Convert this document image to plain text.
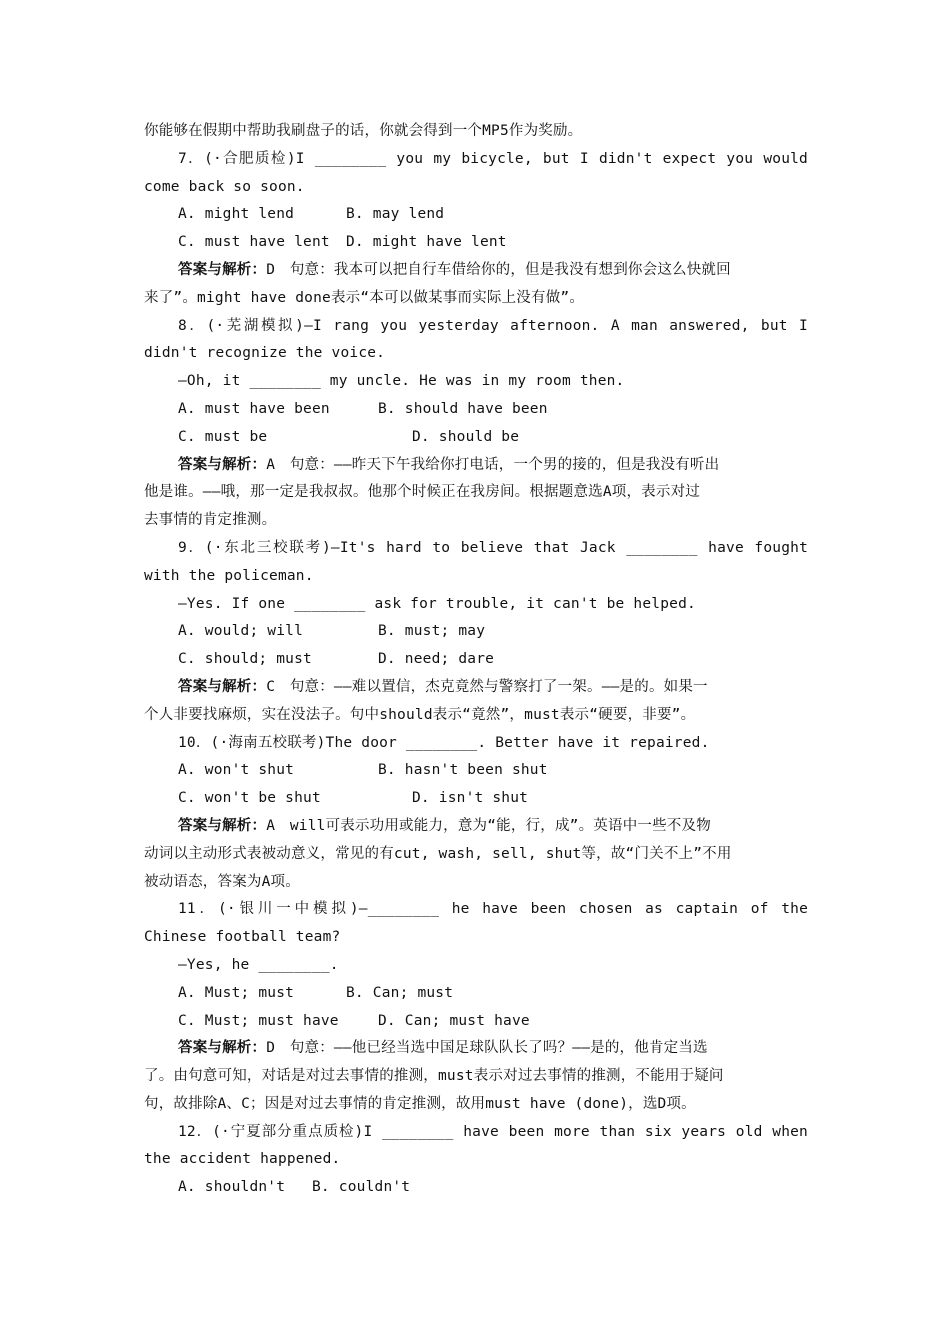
你能够在假期中帮助我刷盘子的话，你就会得到一个MP5作为奖励。
7．(·合肥质检)I ________ you my bicycle, but I didn't expect you would
come back so soon.
A. might lend	B. may lend
C. must have lent D. might have lent
答案与解析：D　句意：我本可以把自行车借给你的，但是我没有想到你会这么快就回
来了”。might have done表示“本可以做某事而实际上没有做”。
8．(·芜湖模拟)—I rang you yesterday afternoon. A man answered, but I
didn't recognize the voice.
—Oh, it ________ my uncle. He was in my room then.
A. must have been	B. should have been
C. must be	D. should be
答案与解析：A　句意：——昨天下午我给你打电话，一个男的接的，但是我没有听出
他是谁。——哦，那一定是我叔叔。他那个时候正在我房间。根据题意选A项，表示对过
去事情的肯定推测。
9．(·东北三校联考)—It's hard to believe that Jack ________ have fought
with the policeman.
—Yes. If one ________ ask for trouble, it can't be helped.
A. would; will	B. must; may
C. should; must	D. need; dare
答案与解析：C　句意：——难以置信，杰克竟然与警察打了一架。——是的。如果一
个人非要找麻烦，实在没法子。句中should表示“竟然”，must表示“硬要，非要”。
10．(·海南五校联考)The door ________. Better have it repaired.
A. won't shut	B. hasn't been shut
C. won't be shut	D. isn't shut
答案与解析：A　will可表示功用或能力，意为“能，行，成”。英语中一些不及物
动词以主动形式表被动意义，常见的有cut, wash, sell, shut等，故“门关不上”不用
被动语态，答案为A项。
11．(·银川一中模拟)—________ he have been chosen as captain of the
Chinese football team?
—Yes, he ________.
A. Must; must	B. Can; must
C. Must; must have	D. Can; must have
答案与解析：D　句意：——他已经当选中国足球队队长了吗？——是的，他肯定当选
了。由句意可知，对话是对过去事情的推测，must表示对过去事情的推测，不能用于疑问
句，故排除A、C；因是对过去事情的肯定推测，故用must have (done)，选D项。
12．(·宁夏部分重点质检)I ________ have been more than six years old when
the accident happened.
A. shouldn't B. couldn't
